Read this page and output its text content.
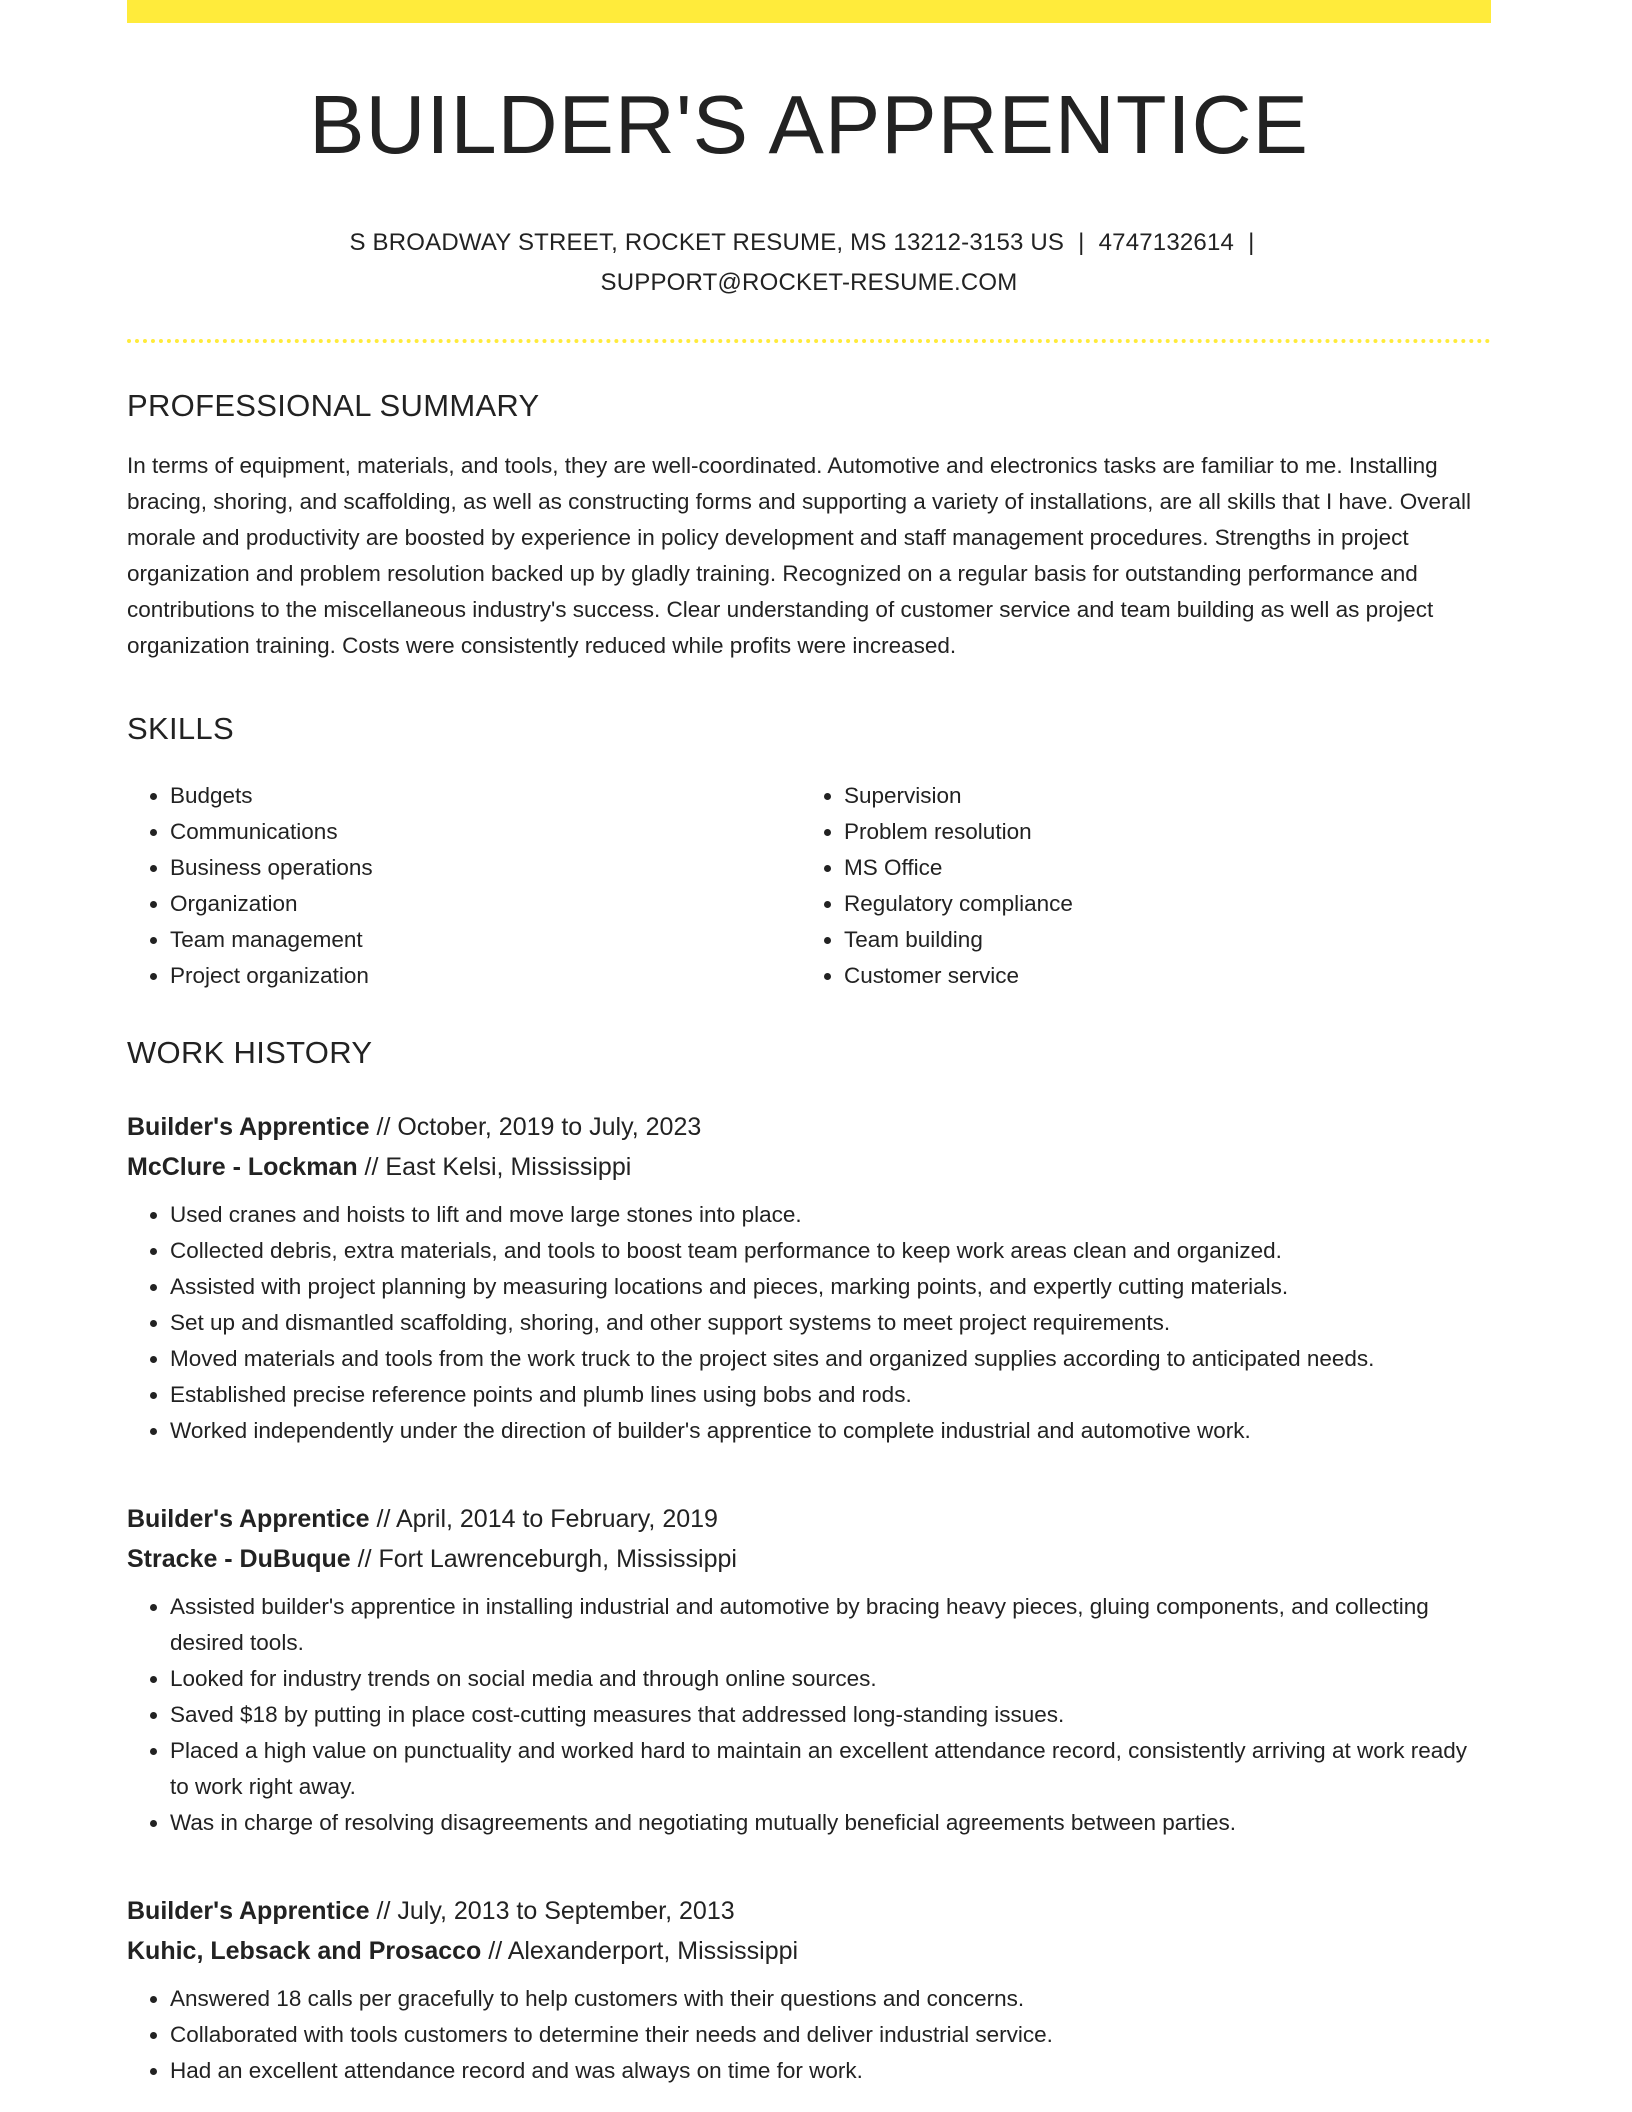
BUILDER'S APPRENTICE
S BROADWAY STREET, ROCKET RESUME, MS 13212-3153 US | 4747132614 |
SUPPORT@ROCKET-RESUME.COM
PROFESSIONAL SUMMARY

In terms of equipment, materials, and tools, they are well-coordinated. Automotive and electronics tasks are familiar to me. Installing bracing, shoring, and scaffolding, as well as constructing forms and supporting a variety of installations, are all skills that I have. Overall morale and productivity are boosted by experience in policy development and staff management procedures. Strengths in project organization and problem resolution backed up by gladly training. Recognized on a regular basis for outstanding performance and contributions to the miscellaneous industry's success. Clear understanding of customer service and team building as well as project organization training. Costs were consistently reduced while profits were increased.

SKILLS
• Budgets
• Communications
• Business operations
• Organization
• Team management
• Project organization
• Supervision
• Problem resolution
• MS Office
• Regulatory compliance
• Team building
• Customer service
WORK HISTORY
Builder's Apprentice // October, 2019 to July, 2023
McClure - Lockman // East Kelsi, Mississippi
• Used cranes and hoists to lift and move large stones into place.
• Collected debris, extra materials, and tools to boost team performance to keep work areas clean and organized.
• Assisted with project planning by measuring locations and pieces, marking points, and expertly cutting materials.
• Set up and dismantled scaffolding, shoring, and other support systems to meet project requirements.
• Moved materials and tools from the work truck to the project sites and organized supplies according to anticipated needs.
• Established precise reference points and plumb lines using bobs and rods.
• Worked independently under the direction of builder's apprentice to complete industrial and automotive work.
Builder's Apprentice // April, 2014 to February, 2019
Stracke - DuBuque // Fort Lawrenceburgh, Mississippi
• Assisted builder's apprentice in installing industrial and automotive by bracing heavy pieces, gluing components, and collecting desired tools.
• Looked for industry trends on social media and through online sources.
• Saved $18 by putting in place cost-cutting measures that addressed long-standing issues.
• Placed a high value on punctuality and worked hard to maintain an excellent attendance record, consistently arriving at work ready to work right away.
• Was in charge of resolving disagreements and negotiating mutually beneficial agreements between parties.
Builder's Apprentice // July, 2013 to September, 2013
Kuhic, Lebsack and Prosacco // Alexanderport, Mississippi
• Answered 18 calls per gracefully to help customers with their questions and concerns.
• Collaborated with tools customers to determine their needs and deliver industrial service.
• Had an excellent attendance record and was always on time for work.
